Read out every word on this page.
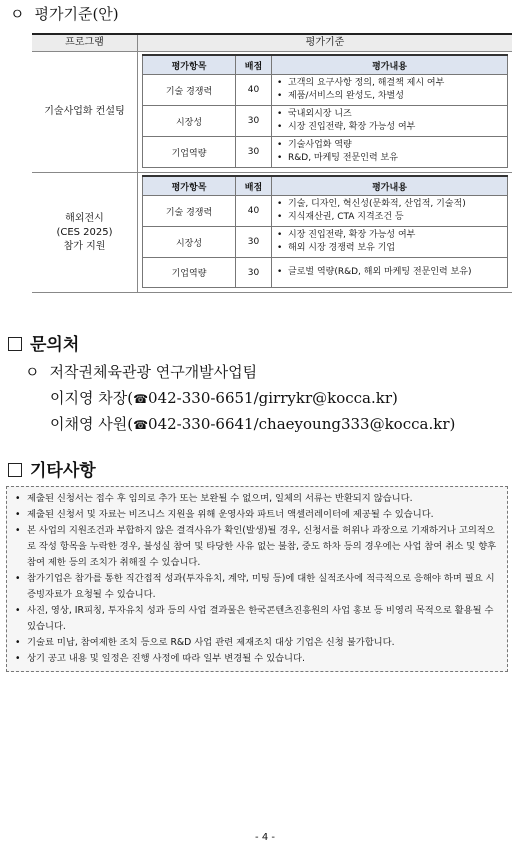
ㅇ 평가기준(안)
프로그램	평가기준
기술사업화 컨설팅
평가항목	배점	평가내용
기술 경쟁력	40	• 고객의 요구사항 정의, 해결책 제시 여부
• 제품/서비스의 완성도, 차별성

시장성	30	• 국내외시장 니즈
• 시장 진입전략, 확장 가능성 여부

기업역량	30	• 기술사업화 역량
• R&D, 마케팅 전문인력 보유
해외전시
(CES 2025)
참가 지원
평가항목	배점	평가내용
기술 경쟁력	40	• 기술, 디자인, 혁신성(문화적, 산업적, 기술적)
• 지식재산권, CTA 지격조건 등

시장성	30	• 시장 진입전략, 확장 가능성 여부
• 해외 시장 경쟁력 보유 기업

기업역량	30	• 글로벌 역량(R&D, 해외 마케팅 전문인력 보유)
문의처
ㅇ 저작권체육관광 연구개발사업팀
이지영 차장(☎042-330-6651/girrykr@kocca.kr)
이채영 사원(☎042-330-6641/chaeyoung333@kocca.kr)
기타사항
• 제출된 신청서는 접수 후 임의로 추가 또는 보완될 수 없으며, 일체의 서류는 반환되지 않습니다.
• 제출된 신청서 및 자료는 비즈니스 지원을 위해 운영사와 파트너 액셀러레이터에 제공될 수 있습니다.
• 본 사업의 지원조건과 부합하지 않은 결격사유가 확인(발생)될 경우, 신청서를 허위나 과장으로 기재하거나 고의적으로 작성 항목을 누락한 경우, 불성실 참여 및 타당한 사유 없는 불참, 중도 하차 등의 경우에는 사업 참여 취소 및 향후 참여 제한 등의 조치가 취해질 수 있습니다.
• 참가기업은 참가를 통한 직간접적 성과(투자유치, 계약, 미팅 등)에 대한 실적조사에 적극적으로 응해야 하며 필요 시 증빙자료가 요청될 수 있습니다.
• 사진, 영상, IR피칭, 투자유치 성과 등의 사업 결과물은 한국콘텐츠진흥원의 사업 홍보 등 비영리 목적으로 활용될 수 있습니다.
• 기술료 미납, 참여제한 조치 등으로 R&D 사업 관련 제재조치 대상 기업은 신청 불가합니다.
• 상기 공고 내용 및 일정은 진행 사정에 따라 일부 변경될 수 있습니다.
- 4 -
